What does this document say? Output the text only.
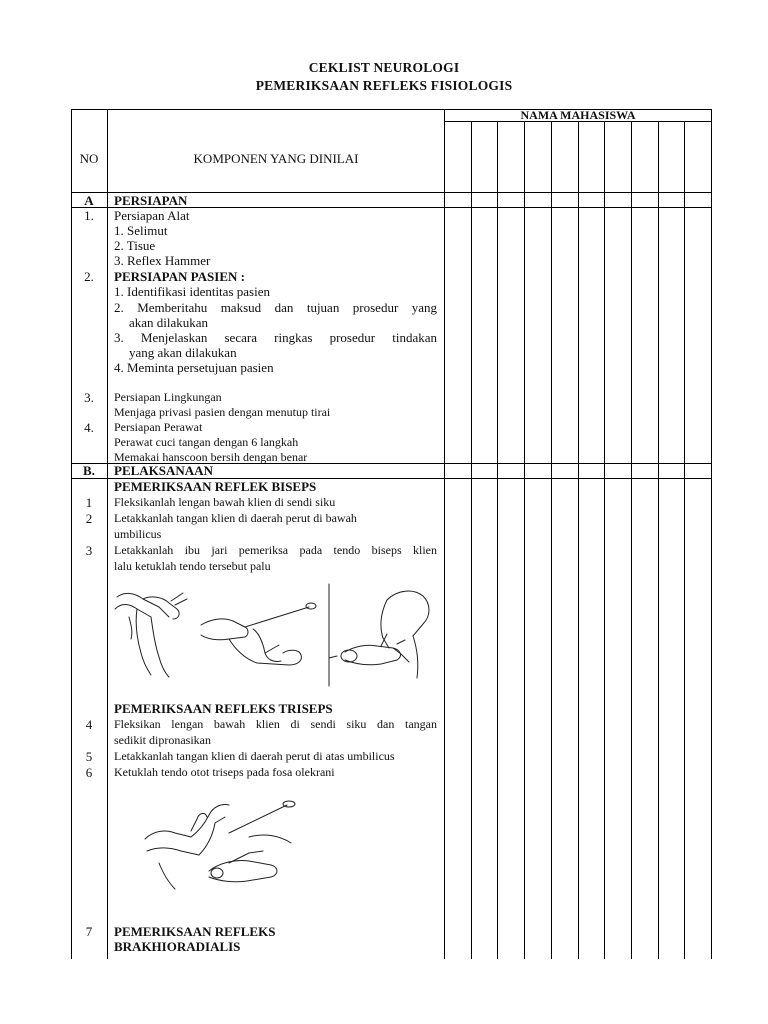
CEKLIST NEUROLOGI
PEMERIKSAAN REFLEKS FISIOLOGIS
NO	KOMPONEN YANG DINILAI
NAMA MAHASISWA
A	PERSIAPAN
1.	Persiapan Alat
1. Selimut
2. Tisue
3. Reflex Hammer
2.	PERSIAPAN PASIEN :
1. Identifikasi identitas pasien
2. Memberitahu maksud dan tujuan prosedur yang
akan dilakukan
3. Menjelaskan secara ringkas prosedur tindakan
yang akan dilakukan
4. Meminta persetujuan pasien
3.	Persiapan Lingkungan
Menjaga privasi pasien dengan menutup tirai
4.	Persiapan Perawat
Perawat cuci tangan dengan 6 langkah
Memakai hanscoon bersih dengan benar
B.	PELAKSANAAN
PEMERIKSAAN REFLEK BISEPS
1	Fleksikanlah lengan bawah klien di sendi siku
2	Letakkanlah tangan klien di daerah perut di bawah
umbilicus
3	Letakkanlah ibu jari pemeriksa pada tendo biseps klien
lalu ketuklah tendo tersebut palu
PEMERIKSAAN REFLEKS TRISEPS
4	Fleksikan lengan bawah klien di sendi siku dan tangan
sedikit dipronasikan
5	Letakkanlah tangan klien di daerah perut di atas umbilicus
6	Ketuklah tendo otot triseps pada fosa olekrani
7	PEMERIKSAAN REFLEKS
BRAKHIORADIALIS
